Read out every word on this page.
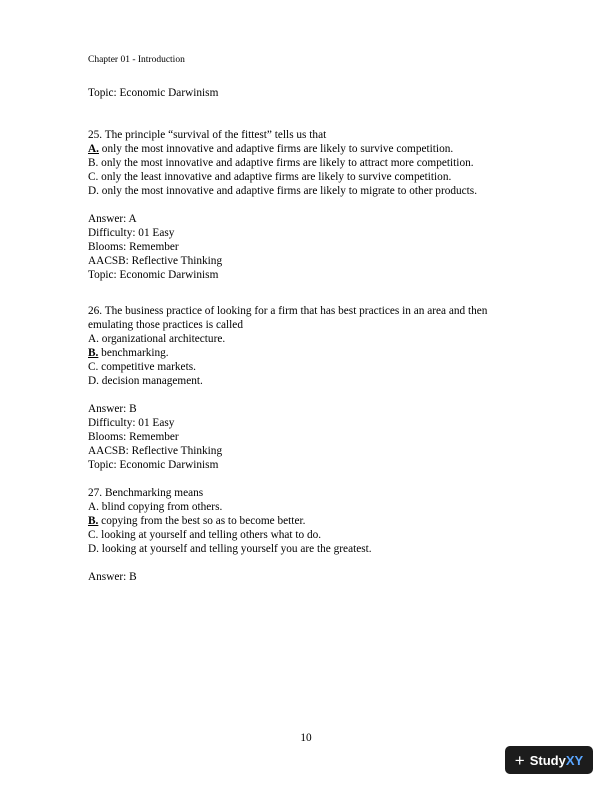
Chapter 01 - Introduction
Topic: Economic Darwinism
25. The principle “survival of the fittest” tells us that
A. only the most innovative and adaptive firms are likely to survive competition.
B. only the most innovative and adaptive firms are likely to attract more competition.
C. only the least innovative and adaptive firms are likely to survive competition.
D. only the most innovative and adaptive firms are likely to migrate to other products.
Answer: A
Difficulty: 01 Easy
Blooms: Remember
AACSB: Reflective Thinking
Topic: Economic Darwinism
26. The business practice of looking for a firm that has best practices in an area and then
emulating those practices is called
A. organizational architecture.
B. benchmarking.
C. competitive markets.
D. decision management.
Answer: B
Difficulty: 01 Easy
Blooms: Remember
AACSB: Reflective Thinking
Topic: Economic Darwinism
27. Benchmarking means
A. blind copying from others.
B. copying from the best so as to become better.
C. looking at yourself and telling others what to do.
D. looking at yourself and telling yourself you are the greatest.
Answer: B
10
+ Study XY
